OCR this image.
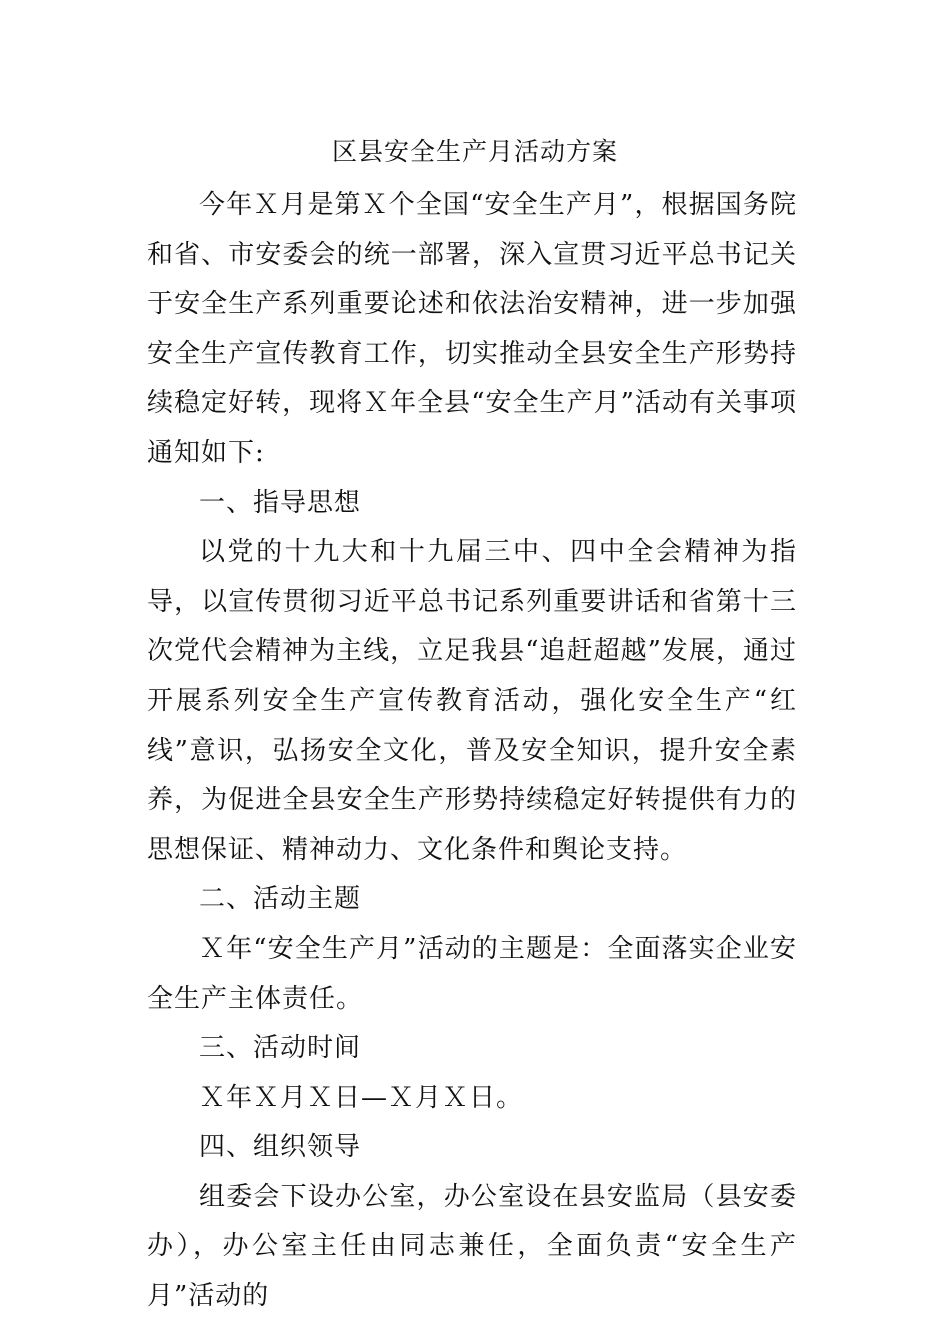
区县安全生产月活动方案

今年Ｘ月是第Ｘ个全国“安全生产月”，根据国务院和省、市安委会的统一部署，深入宣贯习近平总书记关于安全生产系列重要论述和依法治安精神，进一步加强安全生产宣传教育工作，切实推动全县安全生产形势持续稳定好转，现将Ｘ年全县“安全生产月”活动有关事项通知如下:

一、指导思想

以党的十九大和十九届三中、四中全会精神为指导，以宣传贯彻习近平总书记系列重要讲话和省第十三次党代会精神为主线，立足我县“追赶超越”发展，通过开展系列安全生产宣传教育活动，强化安全生产“红线”意识，弘扬安全文化，普及安全知识，提升安全素养，为促进全县安全生产形势持续稳定好转提供有力的思想保证、精神动力、文化条件和舆论支持。

二、活动主题

Ｘ年“安全生产月”活动的主题是：全面落实企业安全生产主体责任。

三、活动时间

Ｘ年Ｘ月Ｘ日—Ｘ月Ｘ日。

四、组织领导

组委会下设办公室，办公室设在县安监局（县安委办），办公室主任由同志兼任，全面负责“安全生产月”活动的
